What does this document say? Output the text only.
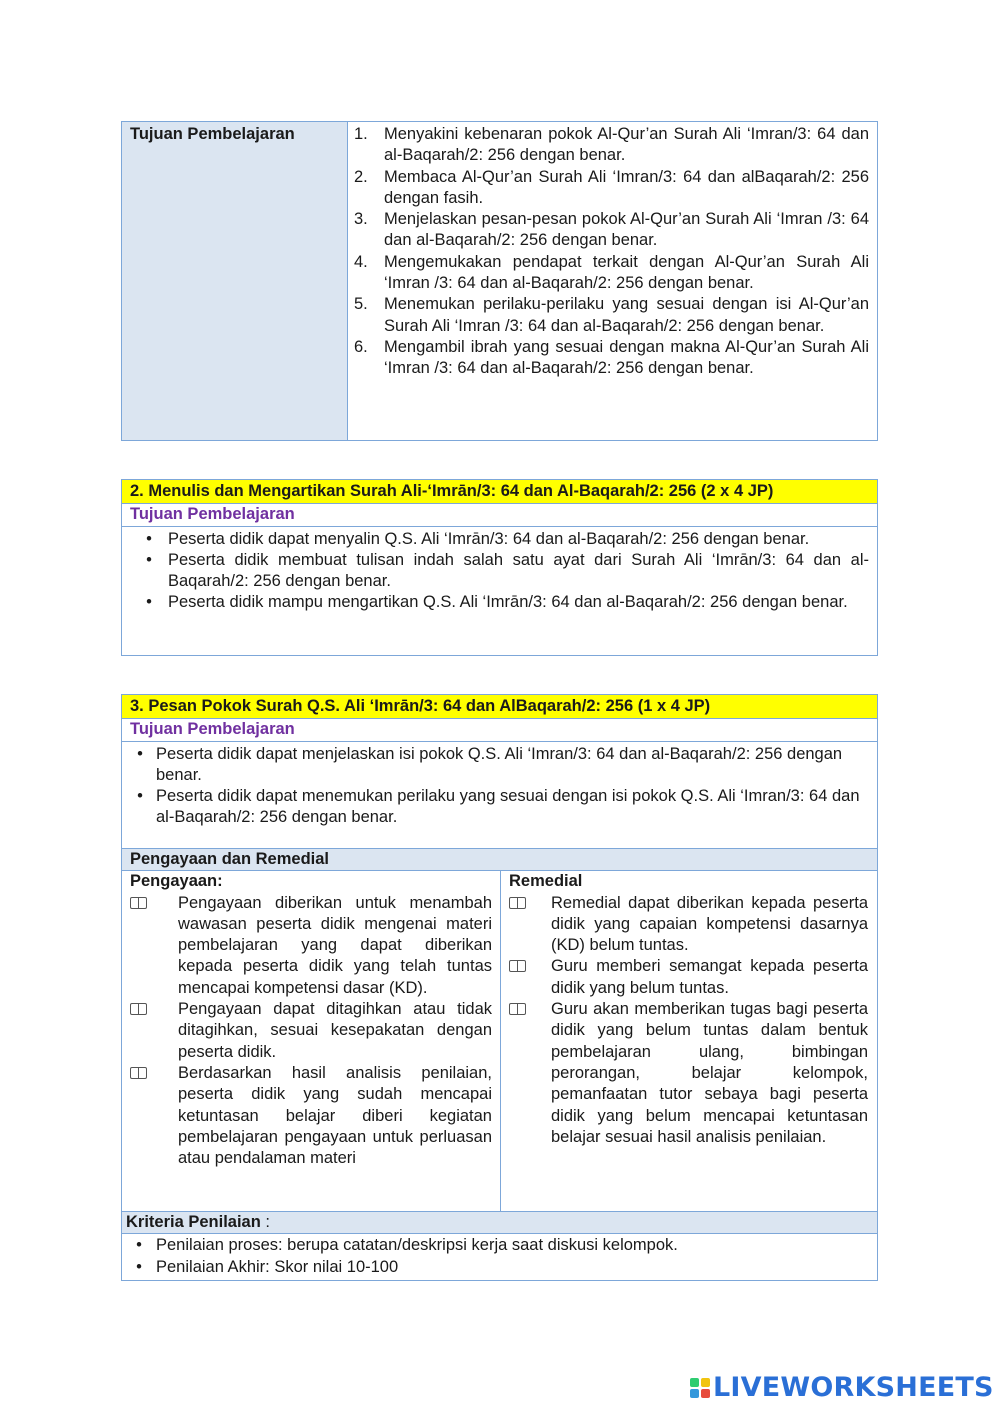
Tujuan Pembelajaran	1. Menyakini kebenaran pokok Al-Qur’an Surah Ali ‘Imran/3: 64 dan al-Baqarah/2: 256 dengan benar.
2. Membaca Al-Qur’an Surah Ali ‘Imran/3: 64 dan alBaqarah/2: 256 dengan fasih.
3. Menjelaskan pesan-pesan pokok Al-Qur’an Surah Ali ‘Imran /3: 64 dan al-Baqarah/2: 256 dengan benar.
4. Mengemukakan pendapat terkait dengan Al-Qur’an Surah Ali ‘Imran /3: 64 dan al-Baqarah/2: 256 dengan benar.
5. Menemukan perilaku-perilaku yang sesuai dengan isi Al-Qur’an Surah Ali ‘Imran /3: 64 dan al-Baqarah/2: 256 dengan benar.
6. Mengambil ibrah yang sesuai dengan makna Al-Qur’an Surah Ali ‘Imran /3: 64 dan al-Baqarah/2: 256 dengan benar.
2. Menulis dan Mengartikan Surah Ali-‘Imrān/3: 64 dan Al-Baqarah/2: 256 (2 x 4 JP)
Tujuan Pembelajaran
• Peserta didik dapat menyalin Q.S. Ali ‘Imrān/3: 64 dan al-Baqarah/2: 256 dengan benar.
• Peserta didik membuat tulisan indah salah satu ayat dari Surah Ali ‘Imrān/3: 64 dan al-Baqarah/2: 256 dengan benar.
• Peserta didik mampu mengartikan Q.S. Ali ‘Imrān/3: 64 dan al-Baqarah/2: 256 dengan benar.
3. Pesan Pokok Surah Q.S. Ali ‘Imrān/3: 64 dan AlBaqarah/2: 256 (1 x 4 JP)
Tujuan Pembelajaran
• Peserta didik dapat menjelaskan isi pokok Q.S. Ali ‘Imran/3: 64 dan al-Baqarah/2: 256 dengan benar.
• Peserta didik dapat menemukan perilaku yang sesuai dengan isi pokok Q.S. Ali ‘Imran/3: 64 dan al-Baqarah/2: 256 dengan benar.
Pengayaan dan Remedial
Pengayaan:
Pengayaan diberikan untuk menambah wawasan peserta didik mengenai materi pembelajaran yang dapat diberikan kepada peserta didik yang telah tuntas mencapai kompetensi dasar (KD).
Pengayaan dapat ditagihkan atau tidak ditagihkan, sesuai kesepakatan dengan peserta didik.
Berdasarkan hasil analisis penilaian, peserta didik yang sudah mencapai ketuntasan belajar diberi kegiatan pembelajaran pengayaan untuk perluasan atau pendalaman materi
Remedial
Remedial dapat diberikan kepada peserta didik yang capaian kompetensi dasarnya (KD) belum tuntas.
Guru memberi semangat kepada peserta didik yang belum tuntas.
Guru akan memberikan tugas bagi peserta didik yang belum tuntas dalam bentuk pembelajaran ulang, bimbingan perorangan, belajar kelompok, pemanfaatan tutor sebaya bagi peserta didik yang belum mencapai ketuntasan belajar sesuai hasil analisis penilaian.
Kriteria Penilaian :
• Penilaian proses: berupa catatan/deskripsi kerja saat diskusi kelompok.
• Penilaian Akhir: Skor nilai 10-100
LIVEWORKSHEETS
